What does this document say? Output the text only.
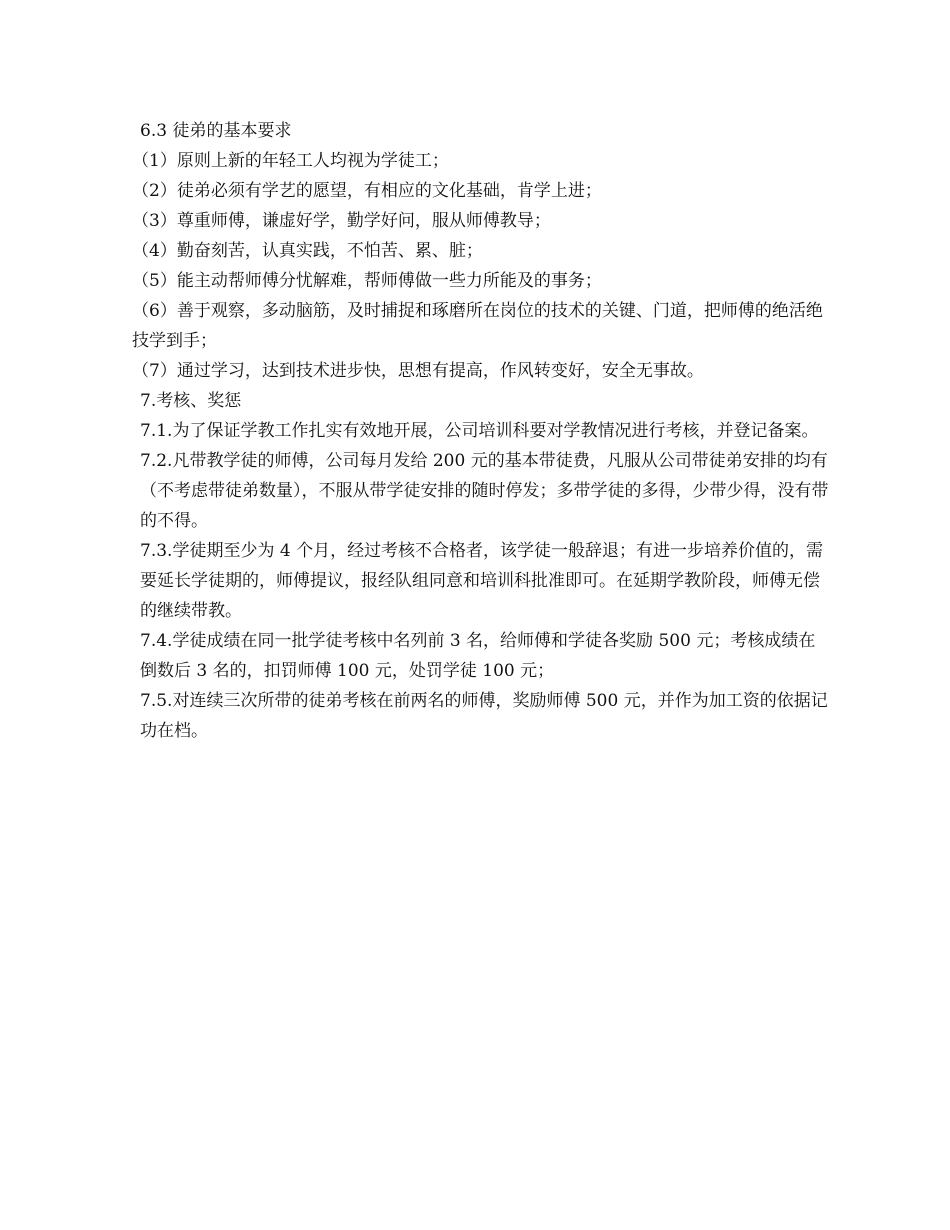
6.3 徒弟的基本要求

（1）原则上新的年轻工人均视为学徒工；

（2）徒弟必须有学艺的愿望，有相应的文化基础，肯学上进；

（3）尊重师傅，谦虚好学，勤学好问，服从师傅教导；

（4）勤奋刻苦，认真实践，不怕苦、累、脏；

（5）能主动帮师傅分忧解难，帮师傅做一些力所能及的事务；

（6）善于观察，多动脑筋，及时捕捉和琢磨所在岗位的技术的关键、门道，把师傅的绝活绝技学到手；

（7）通过学习，达到技术进步快，思想有提高，作风转变好，安全无事故。

7.考核、奖惩

7.1.为了保证学教工作扎实有效地开展，公司培训科要对学教情况进行考核，并登记备案。

7.2.凡带教学徒的师傅，公司每月发给 200 元的基本带徒费，凡服从公司带徒弟安排的均有（不考虑带徒弟数量），不服从带学徒安排的随时停发；多带学徒的多得，少带少得，没有带的不得。

7.3.学徒期至少为 4 个月，经过考核不合格者，该学徒一般辞退；有进一步培养价值的，需要延长学徒期的，师傅提议，报经队组同意和培训科批准即可。在延期学教阶段，师傅无偿的继续带教。

7.4.学徒成绩在同一批学徒考核中名列前 3 名，给师傅和学徒各奖励 500 元；考核成绩在倒数后 3 名的，扣罚师傅 100 元，处罚学徒 100 元；

7.5.对连续三次所带的徒弟考核在前两名的师傅，奖励师傅 500 元，并作为加工资的依据记功在档。
